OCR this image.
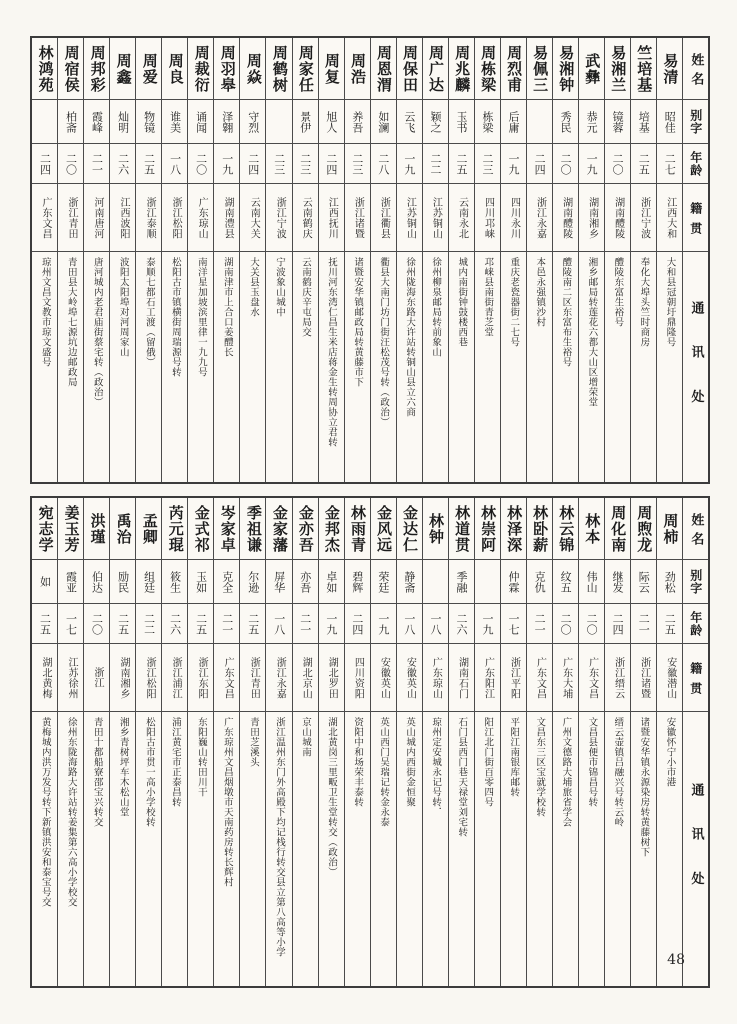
姓名
别字
年龄
籍贯
通讯处
易清
昭佳
二七
江西大和
大和县冠朝圩鼎隆号
竺培基
培基
二五
浙江宁波
奉化大埠头竺时商房
易湘兰
镜蓉
二〇
湖南醴陵
醴陵东富生裕号
武彝
恭元
一九
湖南湘乡
湘乡邮局转莲花六都大山区增荣堂
易湘钟
秀民
二〇
湖南醴陵
醴陵南二区东富布生裕号
易佩三
二四
浙江永嘉
本邑永强镇沙村
周烈甫
后庸
一九
四川永川
重庆老瓷器街二七号
周栋梁
栋梁
二三
四川邛崃
邛崃县南街青芝堂
周兆麟
玉书
二五
云南永北
城内南街钟鼓楼西巷
周广达
颖之
二二
江苏铜山
徐州柳泉邮局转前象山
周保田
云飞
一九
江苏铜山
徐州陇海东路大许站转铜山县立六商
周恩渭
如澜
二八
浙江衢县
衢县大南门坊门街汪松茂号转（政治）
周浩
养吾
二三
浙江诸暨
诸暨安华镇邮政局转黄藤市下
周复
旭人
二四
江西抚川
抚川河东湾仁昌生米店蒋金生转周协立君转
周家任
景伊
二三
云南鹤庆
云南鹤庆辛屯局交
周鹤树
二三
浙江宁波
宁波象山城中
周焱
守烈
二四
云南大关
大关县玉盘水
周羽皋
泽翱
一九
湖南澧县
湖南津市上合口姜醴长
周裁衍
诵闻
二〇
广东琼山
南洋星加坡滨里律一九九号
周良
谁美
一八
浙江松阳
松阳古市镇横街周瑞源号转
周爱
物镜
二五
浙江泰顺
泰顺七都石工渡（留俄）
周鑫
灿明
二六
江西波阳
波阳太阳埠对河周家山
周邦彩
霞峰
二一
河南唐河
唐河城内老君庙街蔡宅转（政治）
周宿侯
柏斋
二〇
浙江青田
青田县大岭埠七源坑边邮政局
林鸿苑
二四
广东文昌
琼州文昌文教市琼文盛号
姓名
别字
年龄
籍贯
通讯处
周柿
劲松
二五
安徽潜山
安徽怀宁小市港
周煦龙
际云
二一
浙江诸暨
诸暨安华镇永源染房转黄藤树下
周化南
继发
二四
浙江缙云
缙云壶镇吕融兴号转云岭
林本
伟山
二〇
广东文昌
文昌县便市锦昌号转
林云锦
纹五
二〇
广东大埔
广州文德路大埔旅省学会
林卧薪
克仇
二一
广东文昌
文昌东三区宝就学校转
林泽深
仲霖
一七
浙江平阳
平阳江南银库邮转
林崇阿
一九
广东阳江
阳江北门街百零四号
林道贯
季融
二六
湖南石门
石门县西门巷天禄堂刘宅转
林钟
一八
广东琼山
琼州定安城永记号转．
金达仁
静斋
一八
安徽英山
英山城内西街金恒聚
金风远
荣廷
一九
安徽英山
英山西门吴瑞记转金永泰
林雨青
碧辉
二四
四川资阳
资阳中和场荣丰泰转
金邦杰
卓如
一九
湖北罗田
湖北黄岗三里畈卫生堂转交（政治）
金亦吾
亦吾
二一
湖北京山
京山城南
金家藩
屏华
一八
浙江永嘉
浙江温州东门外高殿下均记栈行转交县立第八高等小学
季祖谦
尔逊
二五
浙江青田
青田芝溪头
岑家卓
克全
二一
广东文昌
广东琼州文昌烟墩市天南药房转长辉村
金式祁
玉如
二五
浙江东阳
东阳巍山转田川干
芮元琨
筱生
二六
浙江浦江
浦江黄宅市正泰昌转
孟卿
组廷
二二
浙江松阳
松阳古市贯一高小学校转
禹治
励民
二五
湖南湘乡
湘乡青树坪车木松山堂
洪瑾
伯达
二〇
浙江
青田十都船寮邵宝兴转交
姜玉芳
霞亚
一七
江苏徐州
徐州东陇海路大许站转姜集第六高小学校交
宛志学
如
二五
湖北黄梅
黄梅城内洪万发号转下新镇洪安和泰宝号交
48
